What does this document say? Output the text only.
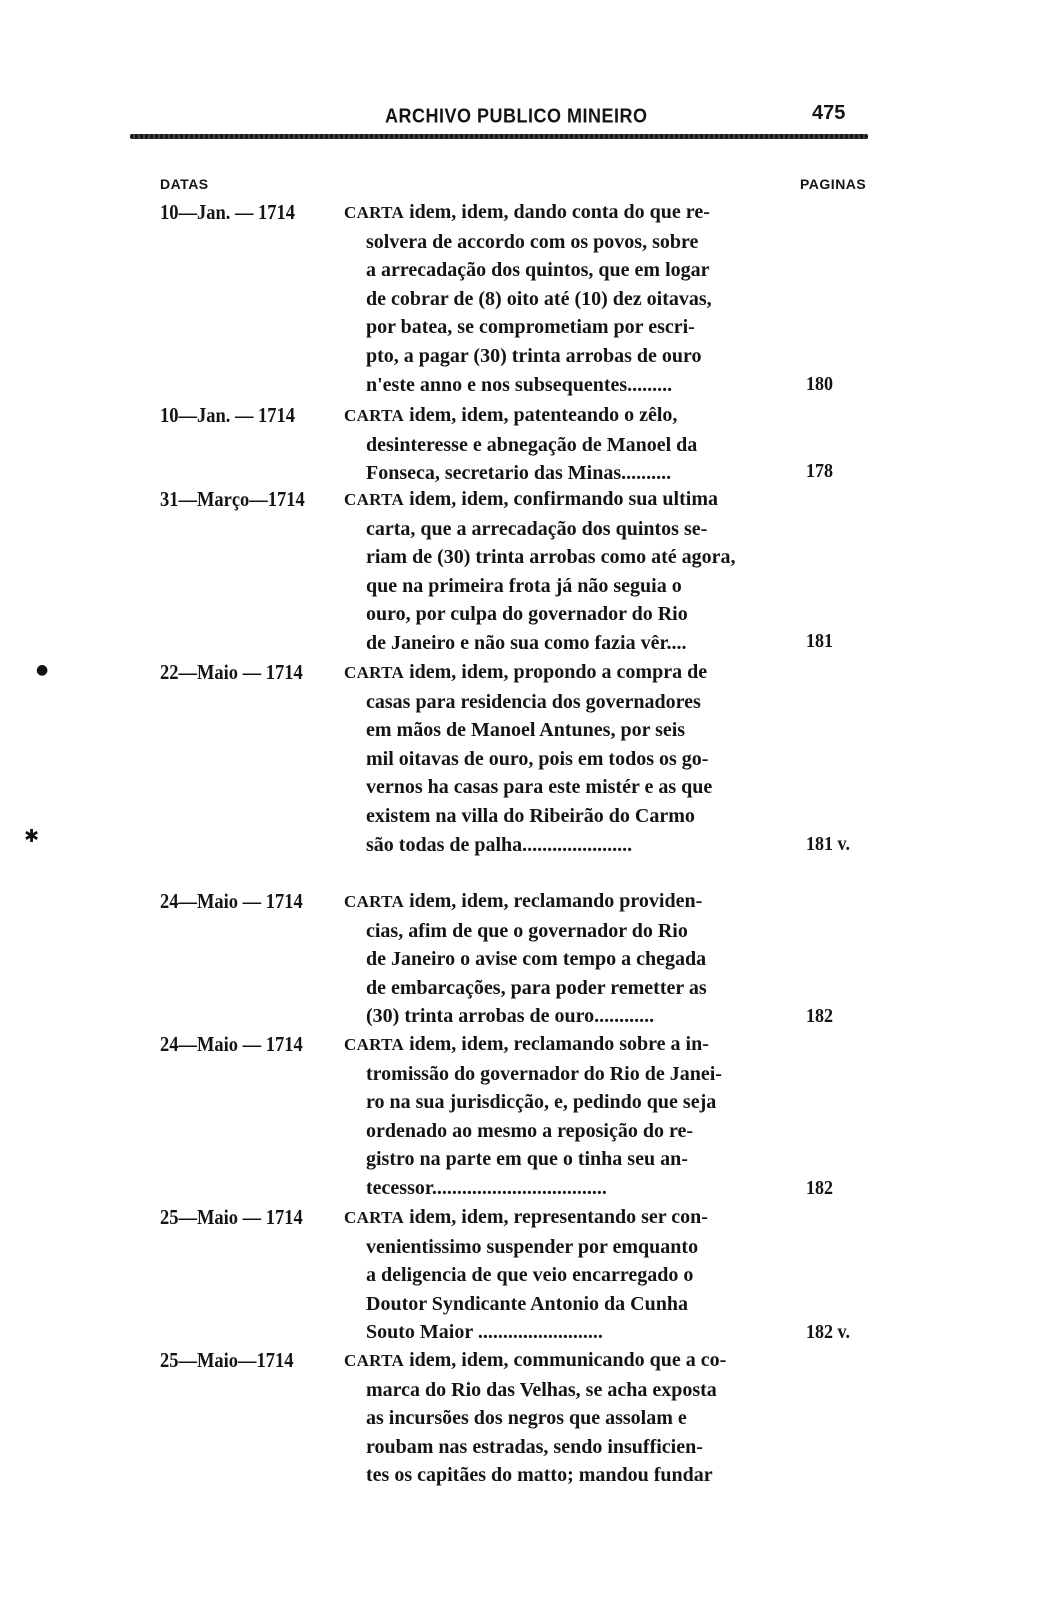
ARCHIVO PUBLICO MINEIRO	475
DATAS	PAGINAS
10—Jan. — 1714	CARTA idem, idem, dando conta do que re-
solvera de accordo com os povos, sobre
a arrecadação dos quintos, que em logar
de cobrar de (8) oito até (10) dez oitavas,
por batea, se comprometiam por escri-
pto, a pagar (30) trinta arrobas de ouro
n'este anno e nos subsequentes.........	180
10—Jan. — 1714	CARTA idem, idem, patenteando o zêlo,
desinteresse e abnegação de Manoel da
Fonseca, secretario das Minas..........	178
31—Março—1714 CARTA idem, idem, confirmando sua ultima
carta, que a arrecadação dos quintos se-
riam de (30) trinta arrobas como até agora,
que na primeira frota já não seguia o
ouro, por culpa do governador do Rio
de Janeiro e não sua como fazia vêr....	181
22—Maio — 1714 CARTA idem, idem, propondo a compra de
casas para residencia dos governadores
em mãos de Manoel Antunes, por seis
mil oitavas de ouro, pois em todos os go-
vernos ha casas para este mistér e as que
existem na villa do Ribeirão do Carmo
são todas de palha......................	181 v.
24—Maio — 1714 CARTA idem, idem, reclamando providen-
cias, afim de que o governador do Rio
de Janeiro o avise com tempo a chegada
de embarcações, para poder remetter as
(30) trinta arrobas de ouro............	182
24—Maio — 1714 CARTA idem, idem, reclamando sobre a in-
tromissão do governador do Rio de Janei-
ro na sua jurisdicção, e, pedindo que seja
ordenado ao mesmo a reposição do re-
gistro na parte em que o tinha seu an-
tecessor...................................	182
25—Maio — 1714 CARTA idem, idem, representando ser con-
venientissimo suspender por emquanto
a deligencia de que veio encarregado o
Doutor Syndicante Antonio da Cunha
Souto Maior .........................	182 v.
25—Maio—1714	CARTA idem, idem, communicando que a co-
marca do Rio das Velhas, se acha exposta
as incursões dos negros que assolam e
roubam nas estradas, sendo insufficien-
tes os capitães do matto; mandou fundar
●
✱
